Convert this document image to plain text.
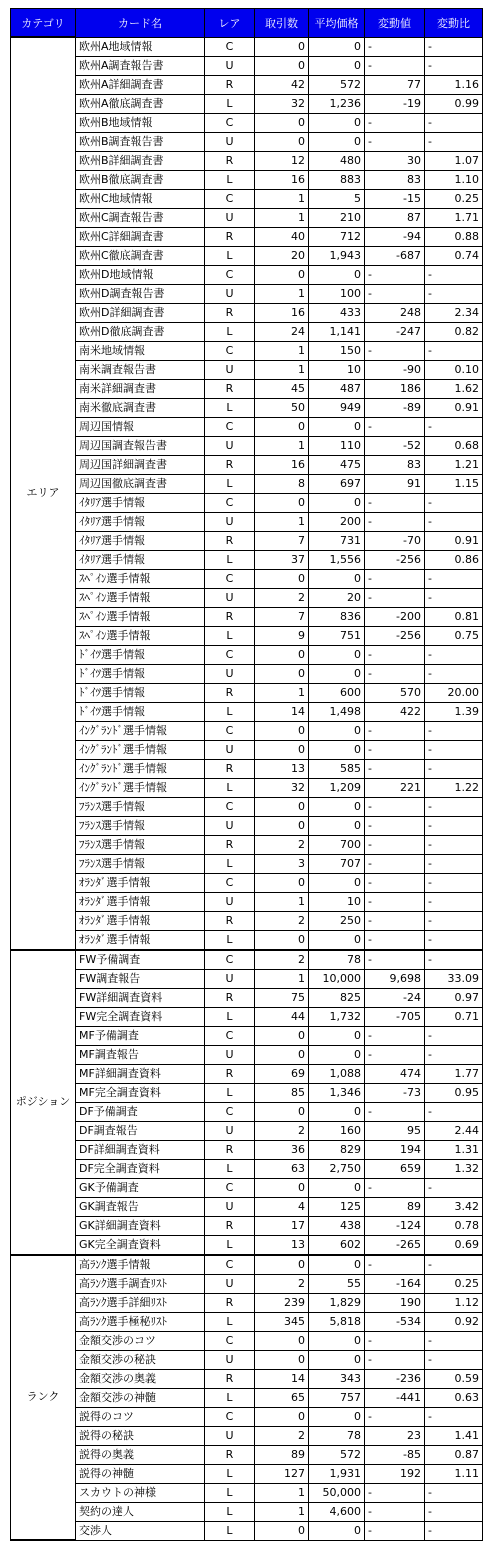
カテゴリ	カード名	レア	取引数	平均価格	変動値	変動比
エリア	欧州A地域情報	C	0	0	-	-
	欧州A調査報告書	U	0	0	-	-
	欧州A詳細調査書	R	42	572	77	1.16
	欧州A徹底調査書	L	32	1,236	-19	0.99
	欧州B地域情報	C	0	0	-	-
	欧州B調査報告書	U	0	0	-	-
	欧州B詳細調査書	R	12	480	30	1.07
	欧州B徹底調査書	L	16	883	83	1.10
	欧州C地域情報	C	1	5	-15	0.25
	欧州C調査報告書	U	1	210	87	1.71
	欧州C詳細調査書	R	40	712	-94	0.88
	欧州C徹底調査書	L	20	1,943	-687	0.74
	欧州D地域情報	C	0	0	-	-
	欧州D調査報告書	U	1	100	-	-
	欧州D詳細調査書	R	16	433	248	2.34
	欧州D徹底調査書	L	24	1,141	-247	0.82
	南米地域情報	C	1	150	-	-
	南米調査報告書	U	1	10	-90	0.10
	南米詳細調査書	R	45	487	186	1.62
	南米徹底調査書	L	50	949	-89	0.91
	周辺国情報	C	0	0	-	-
	周辺国調査報告書	U	1	110	-52	0.68
	周辺国詳細調査書	R	16	475	83	1.21
	周辺国徹底調査書	L	8	697	91	1.15
	ｲﾀﾘｱ選手情報	C	0	0	-	-
	ｲﾀﾘｱ選手情報	U	1	200	-	-
	ｲﾀﾘｱ選手情報	R	7	731	-70	0.91
	ｲﾀﾘｱ選手情報	L	37	1,556	-256	0.86
	ｽﾍﾟｲﾝ選手情報	C	0	0	-	-
	ｽﾍﾟｲﾝ選手情報	U	2	20	-	-
	ｽﾍﾟｲﾝ選手情報	R	7	836	-200	0.81
	ｽﾍﾟｲﾝ選手情報	L	9	751	-256	0.75
	ﾄﾞｲﾂ選手情報	C	0	0	-	-
	ﾄﾞｲﾂ選手情報	U	0	0	-	-
	ﾄﾞｲﾂ選手情報	R	1	600	570	20.00
	ﾄﾞｲﾂ選手情報	L	14	1,498	422	1.39
	ｲﾝｸﾞﾗﾝﾄﾞ選手情報	C	0	0	-	-
	ｲﾝｸﾞﾗﾝﾄﾞ選手情報	U	0	0	-	-
	ｲﾝｸﾞﾗﾝﾄﾞ選手情報	R	13	585	-	-
	ｲﾝｸﾞﾗﾝﾄﾞ選手情報	L	32	1,209	221	1.22
	ﾌﾗﾝｽ選手情報	C	0	0	-	-
	ﾌﾗﾝｽ選手情報	U	0	0	-	-
	ﾌﾗﾝｽ選手情報	R	2	700	-	-
	ﾌﾗﾝｽ選手情報	L	3	707	-	-
	ｵﾗﾝﾀﾞ選手情報	C	0	0	-	-
	ｵﾗﾝﾀﾞ選手情報	U	1	10	-	-
	ｵﾗﾝﾀﾞ選手情報	R	2	250	-	-
	ｵﾗﾝﾀﾞ選手情報	L	0	0	-	-
ポジション	FW予備調査	C	2	78	-	-
	FW調査報告	U	1	10,000	9,698	33.09
	FW詳細調査資料	R	75	825	-24	0.97
	FW完全調査資料	L	44	1,732	-705	0.71
	MF予備調査	C	0	0	-	-
	MF調査報告	U	0	0	-	-
	MF詳細調査資料	R	69	1,088	474	1.77
	MF完全調査資料	L	85	1,346	-73	0.95
	DF予備調査	C	0	0	-	-
	DF調査報告	U	2	160	95	2.44
	DF詳細調査資料	R	36	829	194	1.31
	DF完全調査資料	L	63	2,750	659	1.32
	GK予備調査	C	0	0	-	-
	GK調査報告	U	4	125	89	3.42
	GK詳細調査資料	R	17	438	-124	0.78
	GK完全調査資料	L	13	602	-265	0.69
ランク	高ﾗﾝｸ選手情報	C	0	0	-	-
	高ﾗﾝｸ選手調査ﾘｽﾄ	U	2	55	-164	0.25
	高ﾗﾝｸ選手詳細ﾘｽﾄ	R	239	1,829	190	1.12
	高ﾗﾝｸ選手極秘ﾘｽﾄ	L	345	5,818	-534	0.92
	金額交渉のコツ	C	0	0	-	-
	金額交渉の秘訣	U	0	0	-	-
	金額交渉の奥義	R	14	343	-236	0.59
	金額交渉の神髄	L	65	757	-441	0.63
	説得のコツ	C	0	0	-	-
	説得の秘訣	U	2	78	23	1.41
	説得の奥義	R	89	572	-85	0.87
	説得の神髄	L	127	1,931	192	1.11
	スカウトの神様	L	1	50,000	-	-
	契約の達人	L	1	4,600	-	-
	交渉人	L	0	0	-	-
